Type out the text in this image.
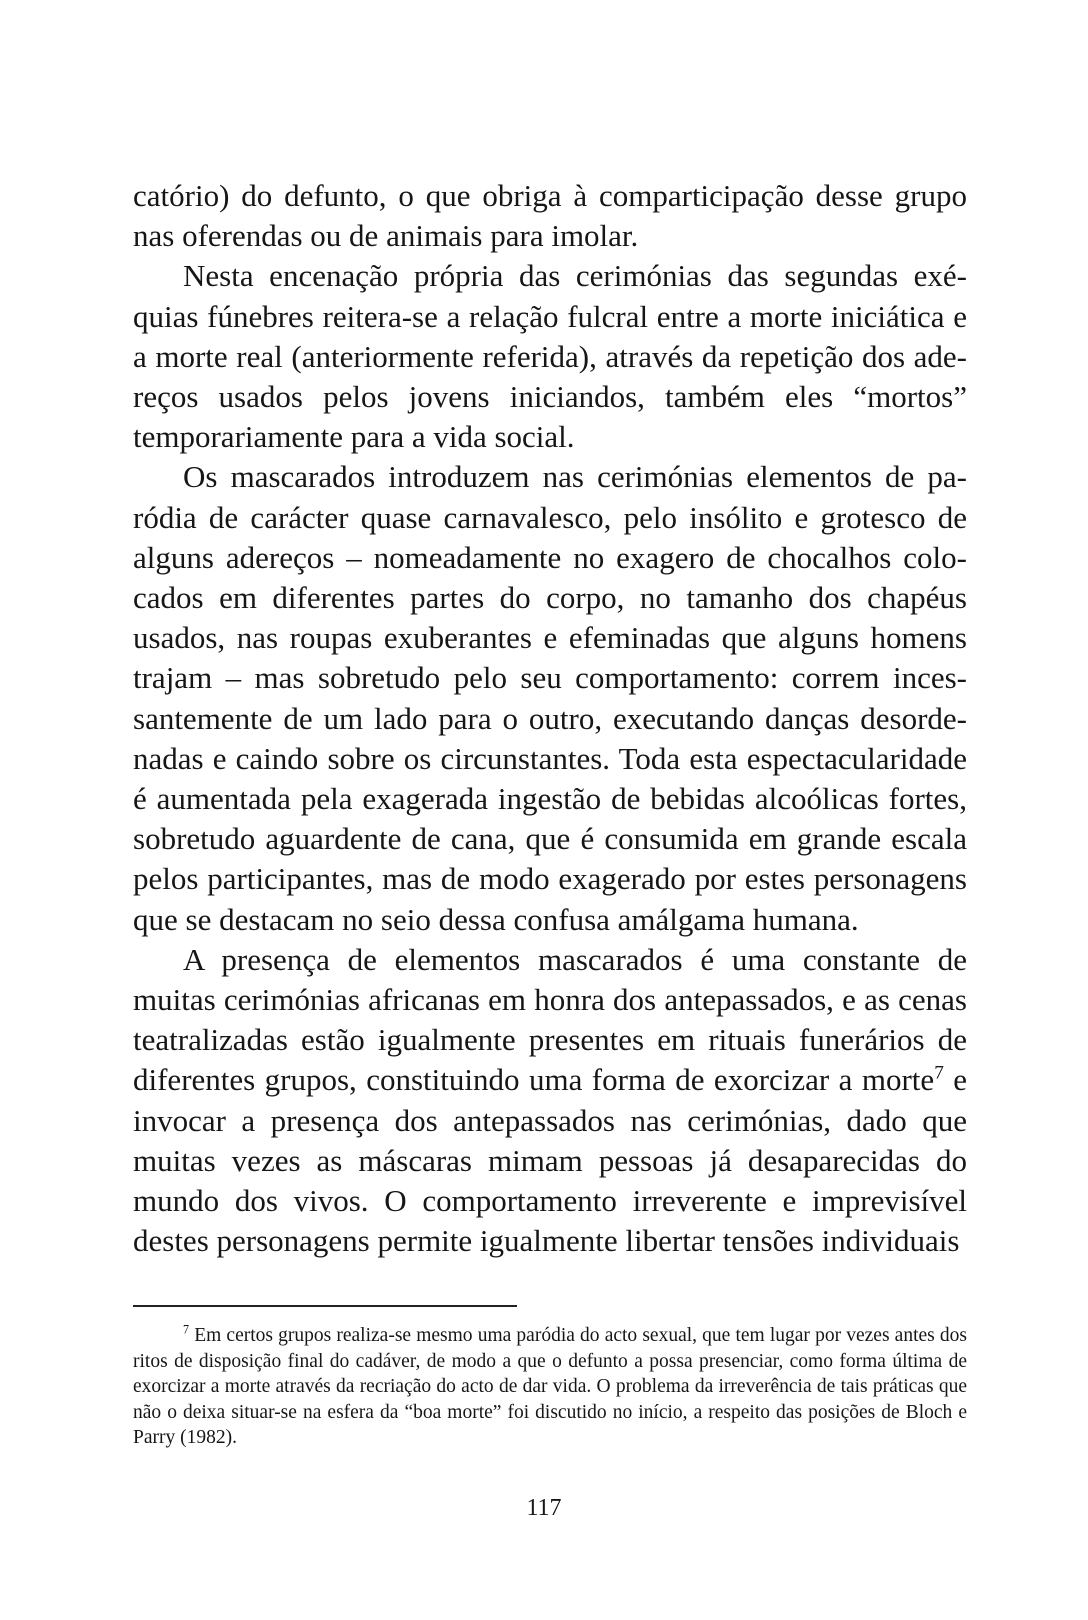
catório) do defunto, o que obriga à comparticipação desse grupo nas oferendas ou de animais para imolar.

Nesta encenação própria das cerimónias das segundas exéquias fúnebres reitera-se a relação fulcral entre a morte iniciática e a morte real (anteriormente referida), através da repetição dos adereços usados pelos jovens iniciandos, também eles “mortos” temporariamente para a vida social.

Os mascarados introduzem nas cerimónias elementos de paródia de carácter quase carnavalesco, pelo insólito e grotesco de alguns adereços – nomeadamente no exagero de chocalhos colocados em diferentes partes do corpo, no tamanho dos chapéus usados, nas roupas exuberantes e efeminadas que alguns homens trajam – mas sobretudo pelo seu comportamento: correm incessantemente de um lado para o outro, executando danças desordenadas e caindo sobre os circunstantes. Toda esta espectacularidade é aumentada pela exagerada ingestão de bebidas alcoólicas fortes, sobretudo aguardente de cana, que é consumida em grande escala pelos participantes, mas de modo exagerado por estes personagens que se destacam no seio dessa confusa amálgama humana.

A presença de elementos mascarados é uma constante de muitas cerimónias africanas em honra dos antepassados, e as cenas teatralizadas estão igualmente presentes em rituais funerários de diferentes grupos, constituindo uma forma de exorcizar a morte$^7$ e invocar a presença dos antepassados nas cerimónias, dado que muitas vezes as máscaras mimam pessoas já desaparecidas do mundo dos vivos. O comportamento irreverente e imprevisível destes personagens permite igualmente libertar tensões individuais

$^7$ Em certos grupos realiza-se mesmo uma paródia do acto sexual, que tem lugar por vezes antes dos ritos de disposição final do cadáver, de modo a que o defunto a possa presenciar, como forma última de exorcizar a morte através da recriação do acto de dar vida. O problema da irreverência de tais práticas que não o deixa situar-se na esfera da “boa morte” foi discutido no início, a respeito das posições de Bloch e Parry (1982).

117
